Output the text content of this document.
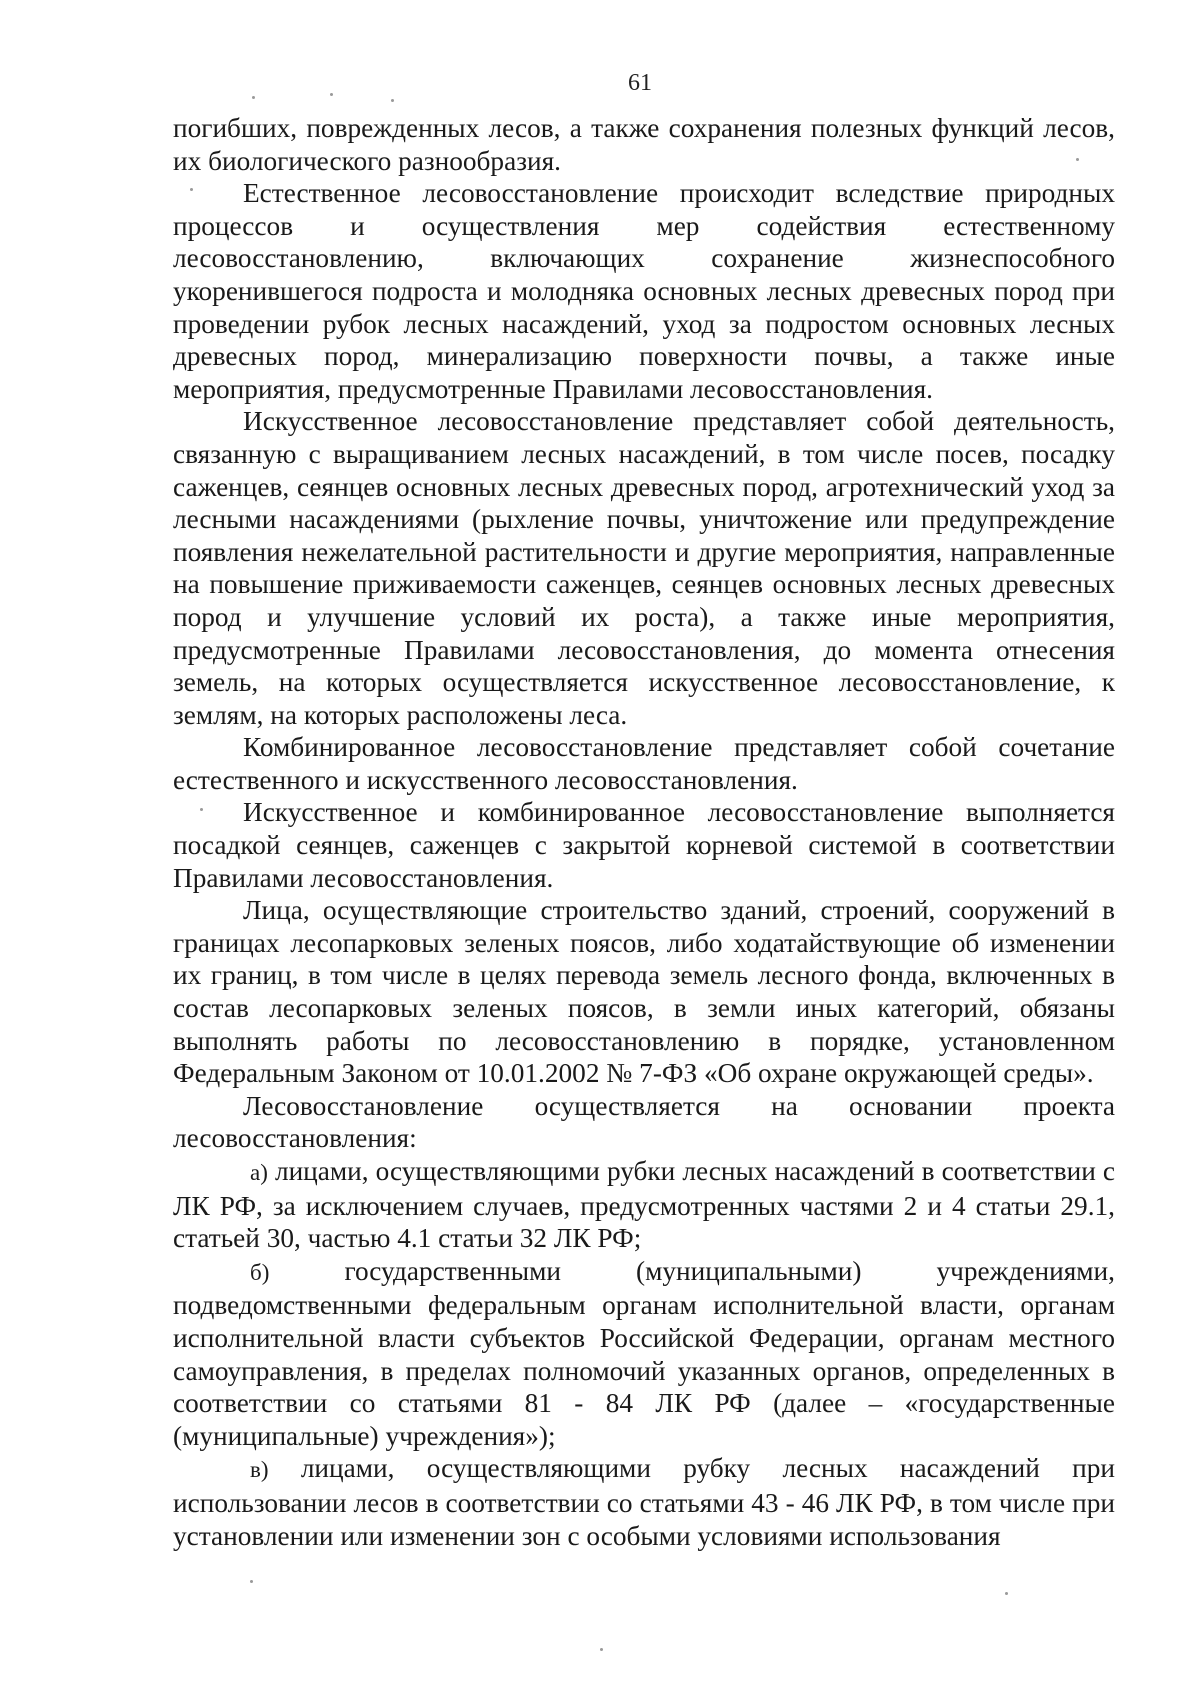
61

погибших, поврежденных лесов, а также сохранения полезных функций лесов, их биологического разнообразия.

Естественное лесовосстановление происходит вследствие природных процессов и осуществления мер содействия естественному лесовосстановлению, включающих сохранение жизнеспособного укоренившегося подроста и молодняка основных лесных древесных пород при проведении рубок лесных насаждений, уход за подростом основных лесных древесных пород, минерализацию поверхности почвы, а также иные мероприятия, предусмотренные Правилами лесовосстановления.

Искусственное лесовосстановление представляет собой деятельность, связанную с выращиванием лесных насаждений, в том числе посев, посадку саженцев, сеянцев основных лесных древесных пород, агротехнический уход за лесными насаждениями (рыхление почвы, уничтожение или предупреждение появления нежелательной растительности и другие мероприятия, направленные на повышение приживаемости саженцев, сеянцев основных лесных древесных пород и улучшение условий их роста), а также иные мероприятия, предусмотренные Правилами лесовосстановления, до момента отнесения земель, на которых осуществляется искусственное лесовосстановление, к землям, на которых расположены леса.

Комбинированное лесовосстановление представляет собой сочетание естественного и искусственного лесовосстановления.

Искусственное и комбинированное лесовосстановление выполняется посадкой сеянцев, саженцев с закрытой корневой системой в соответствии Правилами лесовосстановления.

Лица, осуществляющие строительство зданий, строений, сооружений в границах лесопарковых зеленых поясов, либо ходатайствующие об изменении их границ, в том числе в целях перевода земель лесного фонда, включенных в состав лесопарковых зеленых поясов, в земли иных категорий, обязаны выполнять работы по лесовосстановлению в порядке, установленном Федеральным Законом от 10.01.2002 № 7-ФЗ «Об охране окружающей среды».

Лесовосстановление осуществляется на основании проекта лесовосстановления:

а) лицами, осуществляющими рубки лесных насаждений в соответствии с ЛК РФ, за исключением случаев, предусмотренных частями 2 и 4 статьи 29.1, статьей 30, частью 4.1 статьи 32 ЛК РФ;

б)	государственными (муниципальными) учреждениями, подведомственными федеральным органам исполнительной власти, органам исполнительной власти субъектов Российской Федерации, органам местного самоуправления, в пределах полномочий указанных органов, определенных в соответствии со статьями 81 - 84 ЛК РФ (далее – «государственные (муниципальные) учреждения»);

в) лицами, осуществляющими рубку лесных насаждений при использовании лесов в соответствии со статьями 43 - 46 ЛК РФ, в том числе при установлении или изменении зон с особыми условиями использования
